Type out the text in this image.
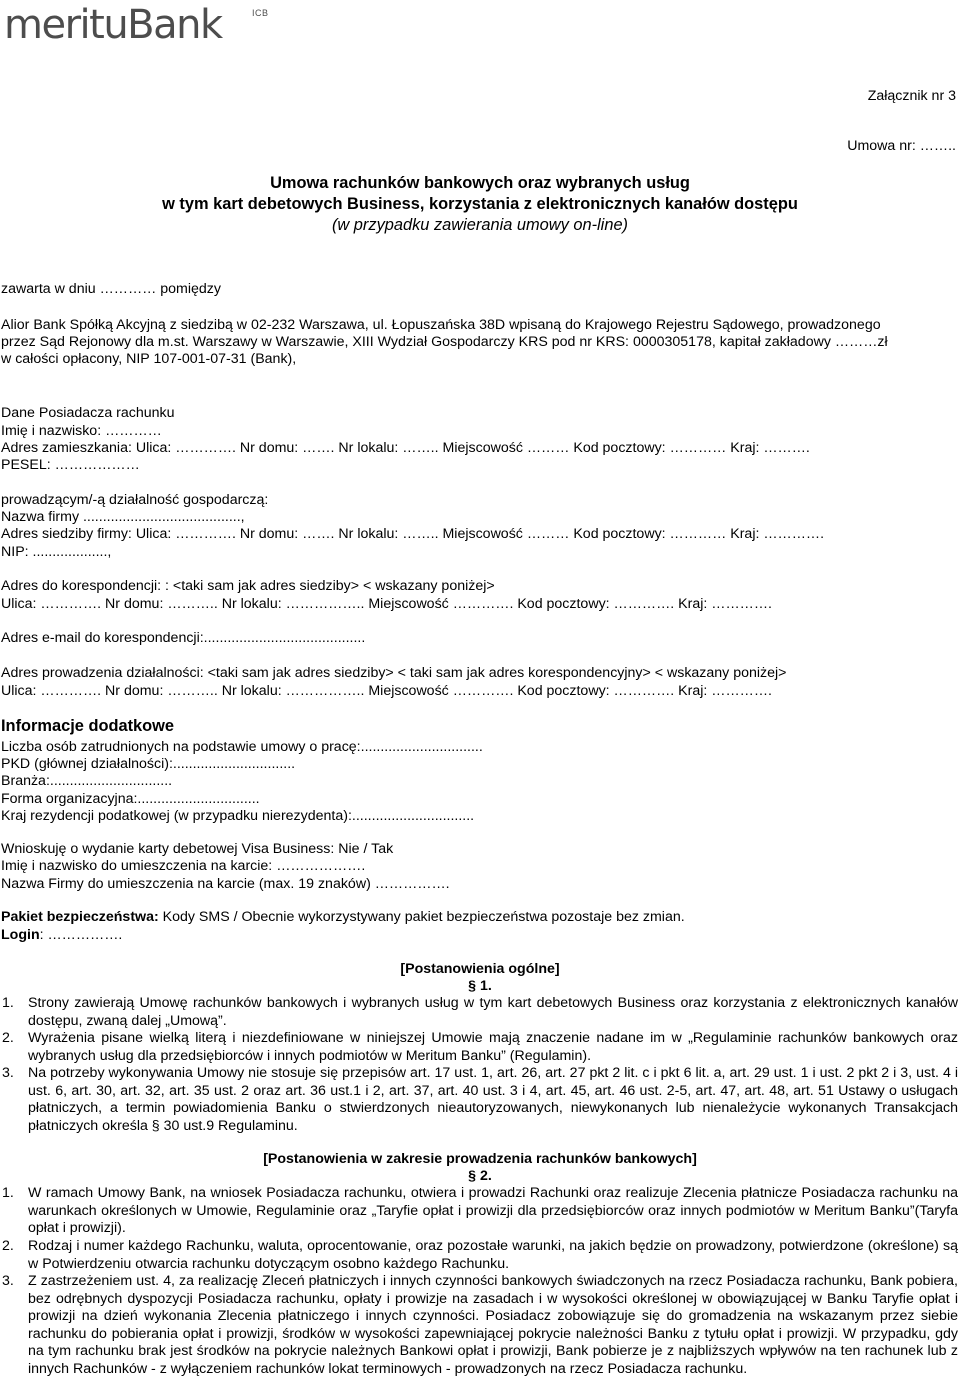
merituBank	ICB
Załącznik nr 3
Umowa nr: ……..
Umowa rachunków bankowych oraz wybranych usług
w tym kart debetowych Business, korzystania z elektronicznych kanałów dostępu
(w przypadku zawierania umowy on-line)
zawarta w dniu ………… pomiędzy
Alior Bank Spółką Akcyjną z siedzibą w 02-232 Warszawa, ul. Łopuszańska 38D wpisaną do Krajowego Rejestru Sądowego, prowadzonego
przez Sąd Rejonowy dla m.st. Warszawy w Warszawie, XIII Wydział Gospodarczy KRS pod nr KRS: 0000305178, kapitał zakładowy ………zł
w całości opłacony, NIP 107-001-07-31 (Bank),
Dane Posiadacza rachunku
Imię i nazwisko: …………
Adres zamieszkania: Ulica: …………. Nr domu: ……. Nr lokalu: …….. Miejscowość ……… Kod pocztowy: ………… Kraj: ……….
PESEL: ………………
prowadzącym/-ą działalność gospodarczą:
Nazwa firmy ........................................,
Adres siedziby firmy: Ulica: …………. Nr domu: ……. Nr lokalu: …….. Miejscowość ……… Kod pocztowy: ………… Kraj: ………….
NIP: ...................,
Adres do korespondencji: : <taki sam jak adres siedziby> < wskazany poniżej>
Ulica: …………. Nr domu: ……….. Nr lokalu: …………….. Miejscowość …………. Kod pocztowy: …………. Kraj: ………….
Adres e-mail do korespondencji:.........................................
Adres prowadzenia działalności: <taki sam jak adres siedziby> < taki sam jak adres korespondencyjny> < wskazany poniżej>
Ulica: …………. Nr domu: ……….. Nr lokalu: …………….. Miejscowość …………. Kod pocztowy: …………. Kraj: ………….
Informacje dodatkowe
Liczba osób zatrudnionych na podstawie umowy o pracę:...............................
PKD (głównej działalności):...............................
Branża:...............................
Forma organizacyjna:...............................
Kraj rezydencji podatkowej (w przypadku nierezydenta):...............................
Wnioskuję o wydanie karty debetowej Visa Business: Nie / Tak
Imię i nazwisko do umieszczenia na karcie: ……………….
Nazwa Firmy do umieszczenia na karcie (max. 19 znaków) …………….
Pakiet bezpieczeństwa: Kody SMS / Obecnie wykorzystywany pakiet bezpieczeństwa pozostaje bez zmian.
Login: …………….
[Postanowienia ogólne]
§ 1.
1. Strony zawierają Umowę rachunków bankowych i wybranych usług w tym kart debetowych Business oraz korzystania z elektronicznych kanałów dostępu, zwaną dalej „Umową”.
2. Wyrażenia pisane wielką literą i niezdefiniowane w niniejszej Umowie mają znaczenie nadane im w „Regulaminie rachunków bankowych oraz wybranych usług dla przedsiębiorców i innych podmiotów w Meritum Banku” (Regulamin).
3. Na potrzeby wykonywania Umowy nie stosuje się przepisów art. 17 ust. 1, art. 26, art. 27 pkt 2 lit. c i pkt 6 lit. a, art. 29 ust. 1 i ust. 2 pkt 2 i 3, ust. 4 i ust. 6, art. 30, art. 32, art. 35 ust. 2 oraz art. 36 ust.1 i 2, art. 37, art. 40 ust. 3 i 4, art. 45, art. 46 ust. 2-5, art. 47, art. 48, art. 51 Ustawy o usługach płatniczych, a termin powiadomienia Banku o stwierdzonych nieautoryzowanych, niewykonanych lub nienależycie wykonanych Transakcjach płatniczych określa § 30 ust.9 Regulaminu.
[Postanowienia w zakresie prowadzenia rachunków bankowych]
§ 2.
1. W ramach Umowy Bank, na wniosek Posiadacza rachunku, otwiera i prowadzi Rachunki oraz realizuje Zlecenia płatnicze Posiadacza rachunku na warunkach określonych w Umowie, Regulaminie oraz „Taryfie opłat i prowizji dla przedsiębiorców oraz innych podmiotów w Meritum Banku”(Taryfa opłat i prowizji).
2. Rodzaj i numer każdego Rachunku, waluta, oprocentowanie, oraz pozostałe warunki, na jakich będzie on prowadzony, potwierdzone (określone) są w Potwierdzeniu otwarcia rachunku dotyczącym osobno każdego Rachunku.
3. Z zastrzeżeniem ust. 4, za realizację Zleceń płatniczych i innych czynności bankowych świadczonych na rzecz Posiadacza rachunku, Bank pobiera, bez odrębnych dyspozycji Posiadacza rachunku, opłaty i prowizje na zasadach i w wysokości określonej w obowiązującej w Banku Taryfie opłat i prowizji na dzień wykonania Zlecenia płatniczego i innych czynności. Posiadacz zobowiązuje się do gromadzenia na wskazanym przez siebie rachunku do pobierania opłat i prowizji, środków w wysokości zapewniającej pokrycie należności Banku z tytułu opłat i prowizji. W przypadku, gdy na tym rachunku brak jest środków na pokrycie należnych Bankowi opłat i prowizji, Bank pobierze je z najbliższych wpływów na ten rachunek lub z innych Rachunków - z wyłączeniem rachunków lokat terminowych - prowadzonych na rzecz Posiadacza rachunku.
